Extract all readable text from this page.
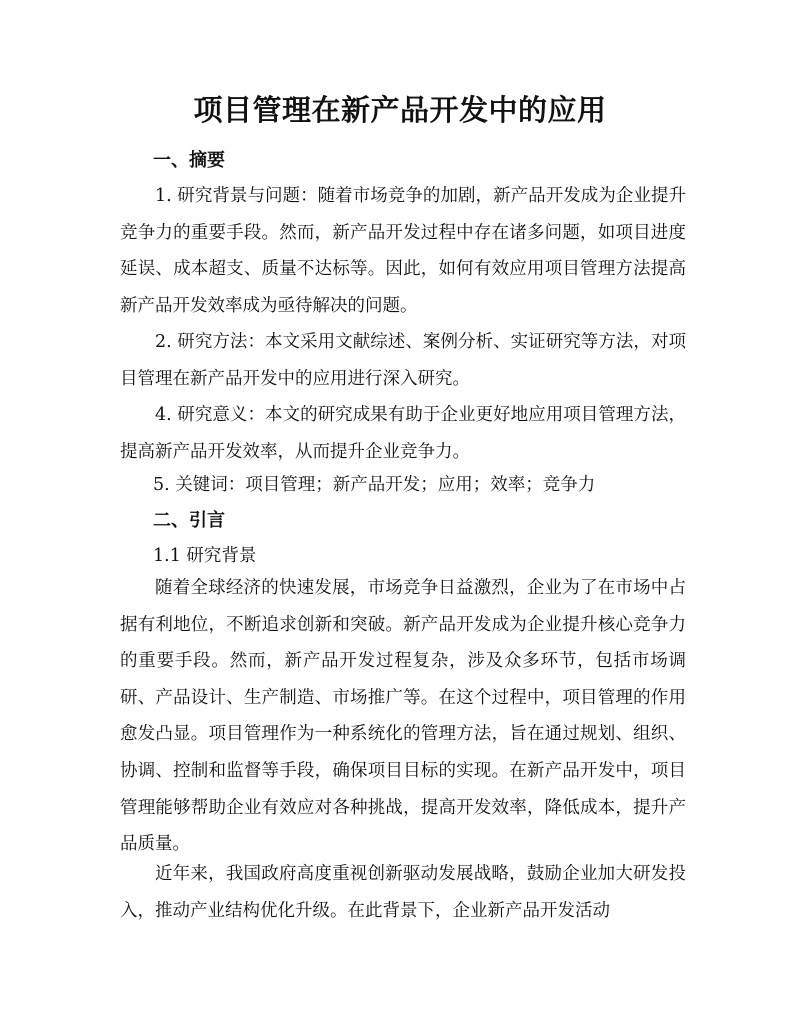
项目管理在新产品开发中的应用
一、摘要

1. 研究背景与问题：随着市场竞争的加剧，新产品开发成为企业提升竞争力的重要手段。然而，新产品开发过程中存在诸多问题，如项目进度延误、成本超支、质量不达标等。因此，如何有效应用项目管理方法提高新产品开发效率成为亟待解决的问题。

2. 研究方法：本文采用文献综述、案例分析、实证研究等方法，对项目管理在新产品开发中的应用进行深入研究。

4. 研究意义：本文的研究成果有助于企业更好地应用项目管理方法，提高新产品开发效率，从而提升企业竞争力。

5. 关键词：项目管理；新产品开发；应用；效率；竞争力
二、引言
1.1 研究背景

随着全球经济的快速发展，市场竞争日益激烈，企业为了在市场中占据有利地位，不断追求创新和突破。新产品开发成为企业提升核心竞争力的重要手段。然而，新产品开发过程复杂，涉及众多环节，包括市场调研、产品设计、生产制造、市场推广等。在这个过程中，项目管理的作用愈发凸显。项目管理作为一种系统化的管理方法，旨在通过规划、组织、协调、控制和监督等手段，确保项目目标的实现。在新产品开发中，项目管理能够帮助企业有效应对各种挑战，提高开发效率，降低成本，提升产品质量。

近年来，我国政府高度重视创新驱动发展战略，鼓励企业加大研发投入，推动产业结构优化升级。在此背景下，企业新产品开发活动
